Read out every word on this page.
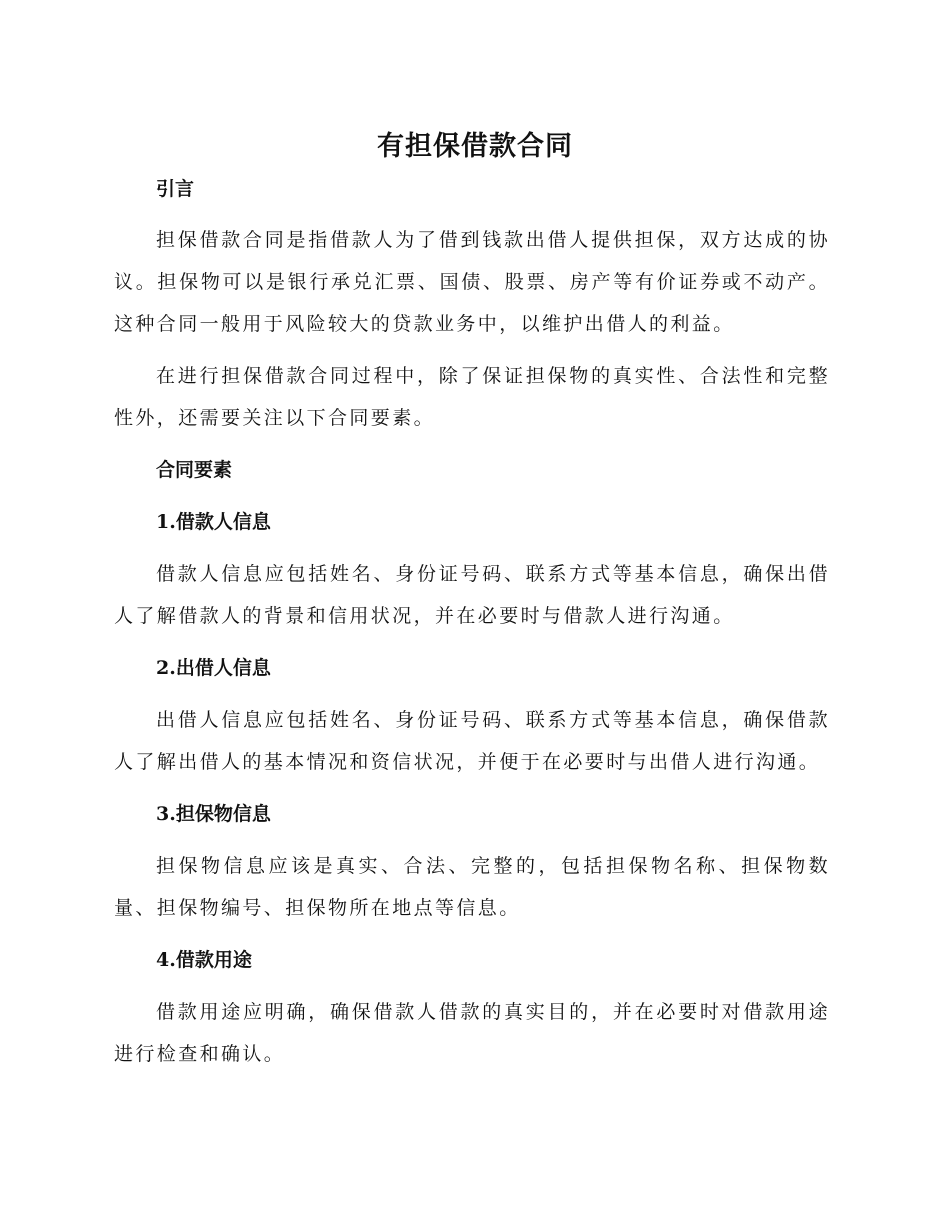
有担保借款合同
引言

担保借款合同是指借款人为了借到钱款出借人提供担保，双方达成的协议。担保物可以是银行承兑汇票、国债、股票、房产等有价证券或不动产。这种合同一般用于风险较大的贷款业务中，以维护出借人的利益。

在进行担保借款合同过程中，除了保证担保物的真实性、合法性和完整性外，还需要关注以下合同要素。

合同要素
1.借款人信息

借款人信息应包括姓名、身份证号码、联系方式等基本信息，确保出借人了解借款人的背景和信用状况，并在必要时与借款人进行沟通。

2.出借人信息

出借人信息应包括姓名、身份证号码、联系方式等基本信息，确保借款人了解出借人的基本情况和资信状况，并便于在必要时与出借人进行沟通。

3.担保物信息

担保物信息应该是真实、合法、完整的，包括担保物名称、担保物数量、担保物编号、担保物所在地点等信息。

4.借款用途

借款用途应明确，确保借款人借款的真实目的，并在必要时对借款用途进行检查和确认。
